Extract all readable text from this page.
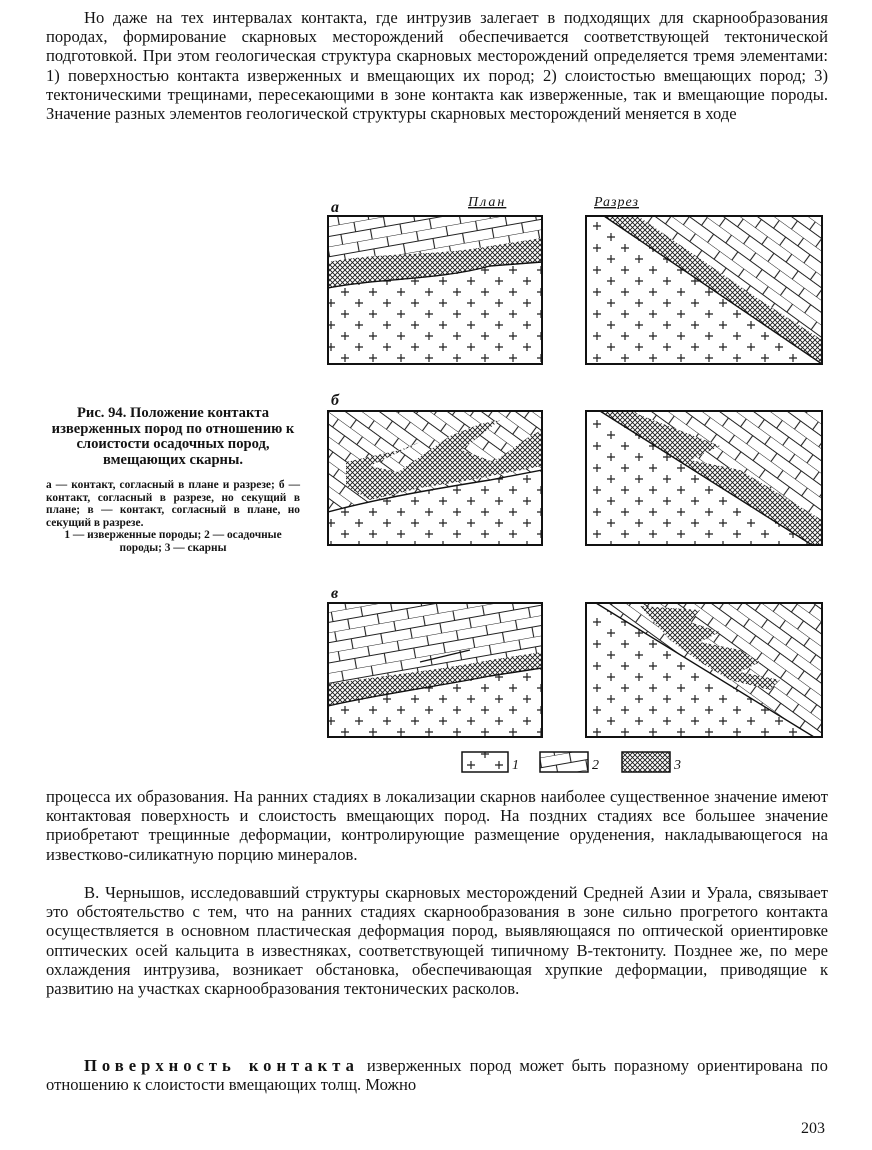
Но даже на тех интервалах контакта, где интрузив залегает в подходящих для скарнообразования породах, формирование скарновых месторождений обеспечивается соответствующей тектонической подготовкой. При этом геологическая структура скарновых месторождений определяется тремя элементами: 1) поверхностью контакта изверженных и вмещающих их пород; 2) слоистостью вмещающих пород; 3) тектоническими трещинами, пересекающими в зоне контакта как изверженные, так и вмещающие породы. Значение разных элементов геологической структуры скарновых месторождений меняется в ходе

План	Разрез
а
б
в
1	2	3

Рис. 94. Положение контакта изверженных пород по отношению к слоистости осадочных пород, вмещающих скарны.

а — контакт, согласный в плане и разрезе; б — контакт, согласный в разрезе, но секущий в плане; в — контакт, согласный в плане, но секущий в разрезе.
1 — изверженные породы; 2 — осадочные породы; 3 — скарны

процесса их образования. На ранних стадиях в локализации скарнов наиболее существенное значение имеют контактовая поверхность и слоистость вмещающих пород. На поздних стадиях все большее значение приобретают трещинные деформации, контролирующие размещение оруденения, накладывающегося на известково-силикатную порцию минералов.

В. Чернышов, исследовавший структуры скарновых месторождений Средней Азии и Урала, связывает это обстоятельство с тем, что на ранних стадиях скарнообразования в зоне сильно прогретого контакта осуществляется в основном пластическая деформация пород, выявляющаяся по оптической ориентировке оптических осей кальцита в известняках, соответствующей типичному В-тектониту. Позднее же, по мере охлаждения интрузива, возникает обстановка, обеспечивающая хрупкие деформации, приводящие к развитию на участках скарнообразования тектонических расколов.

Поверхность контакта изверженных пород может быть поразному ориентирована по отношению к слоистости вмещающих толщ. Можно

203
